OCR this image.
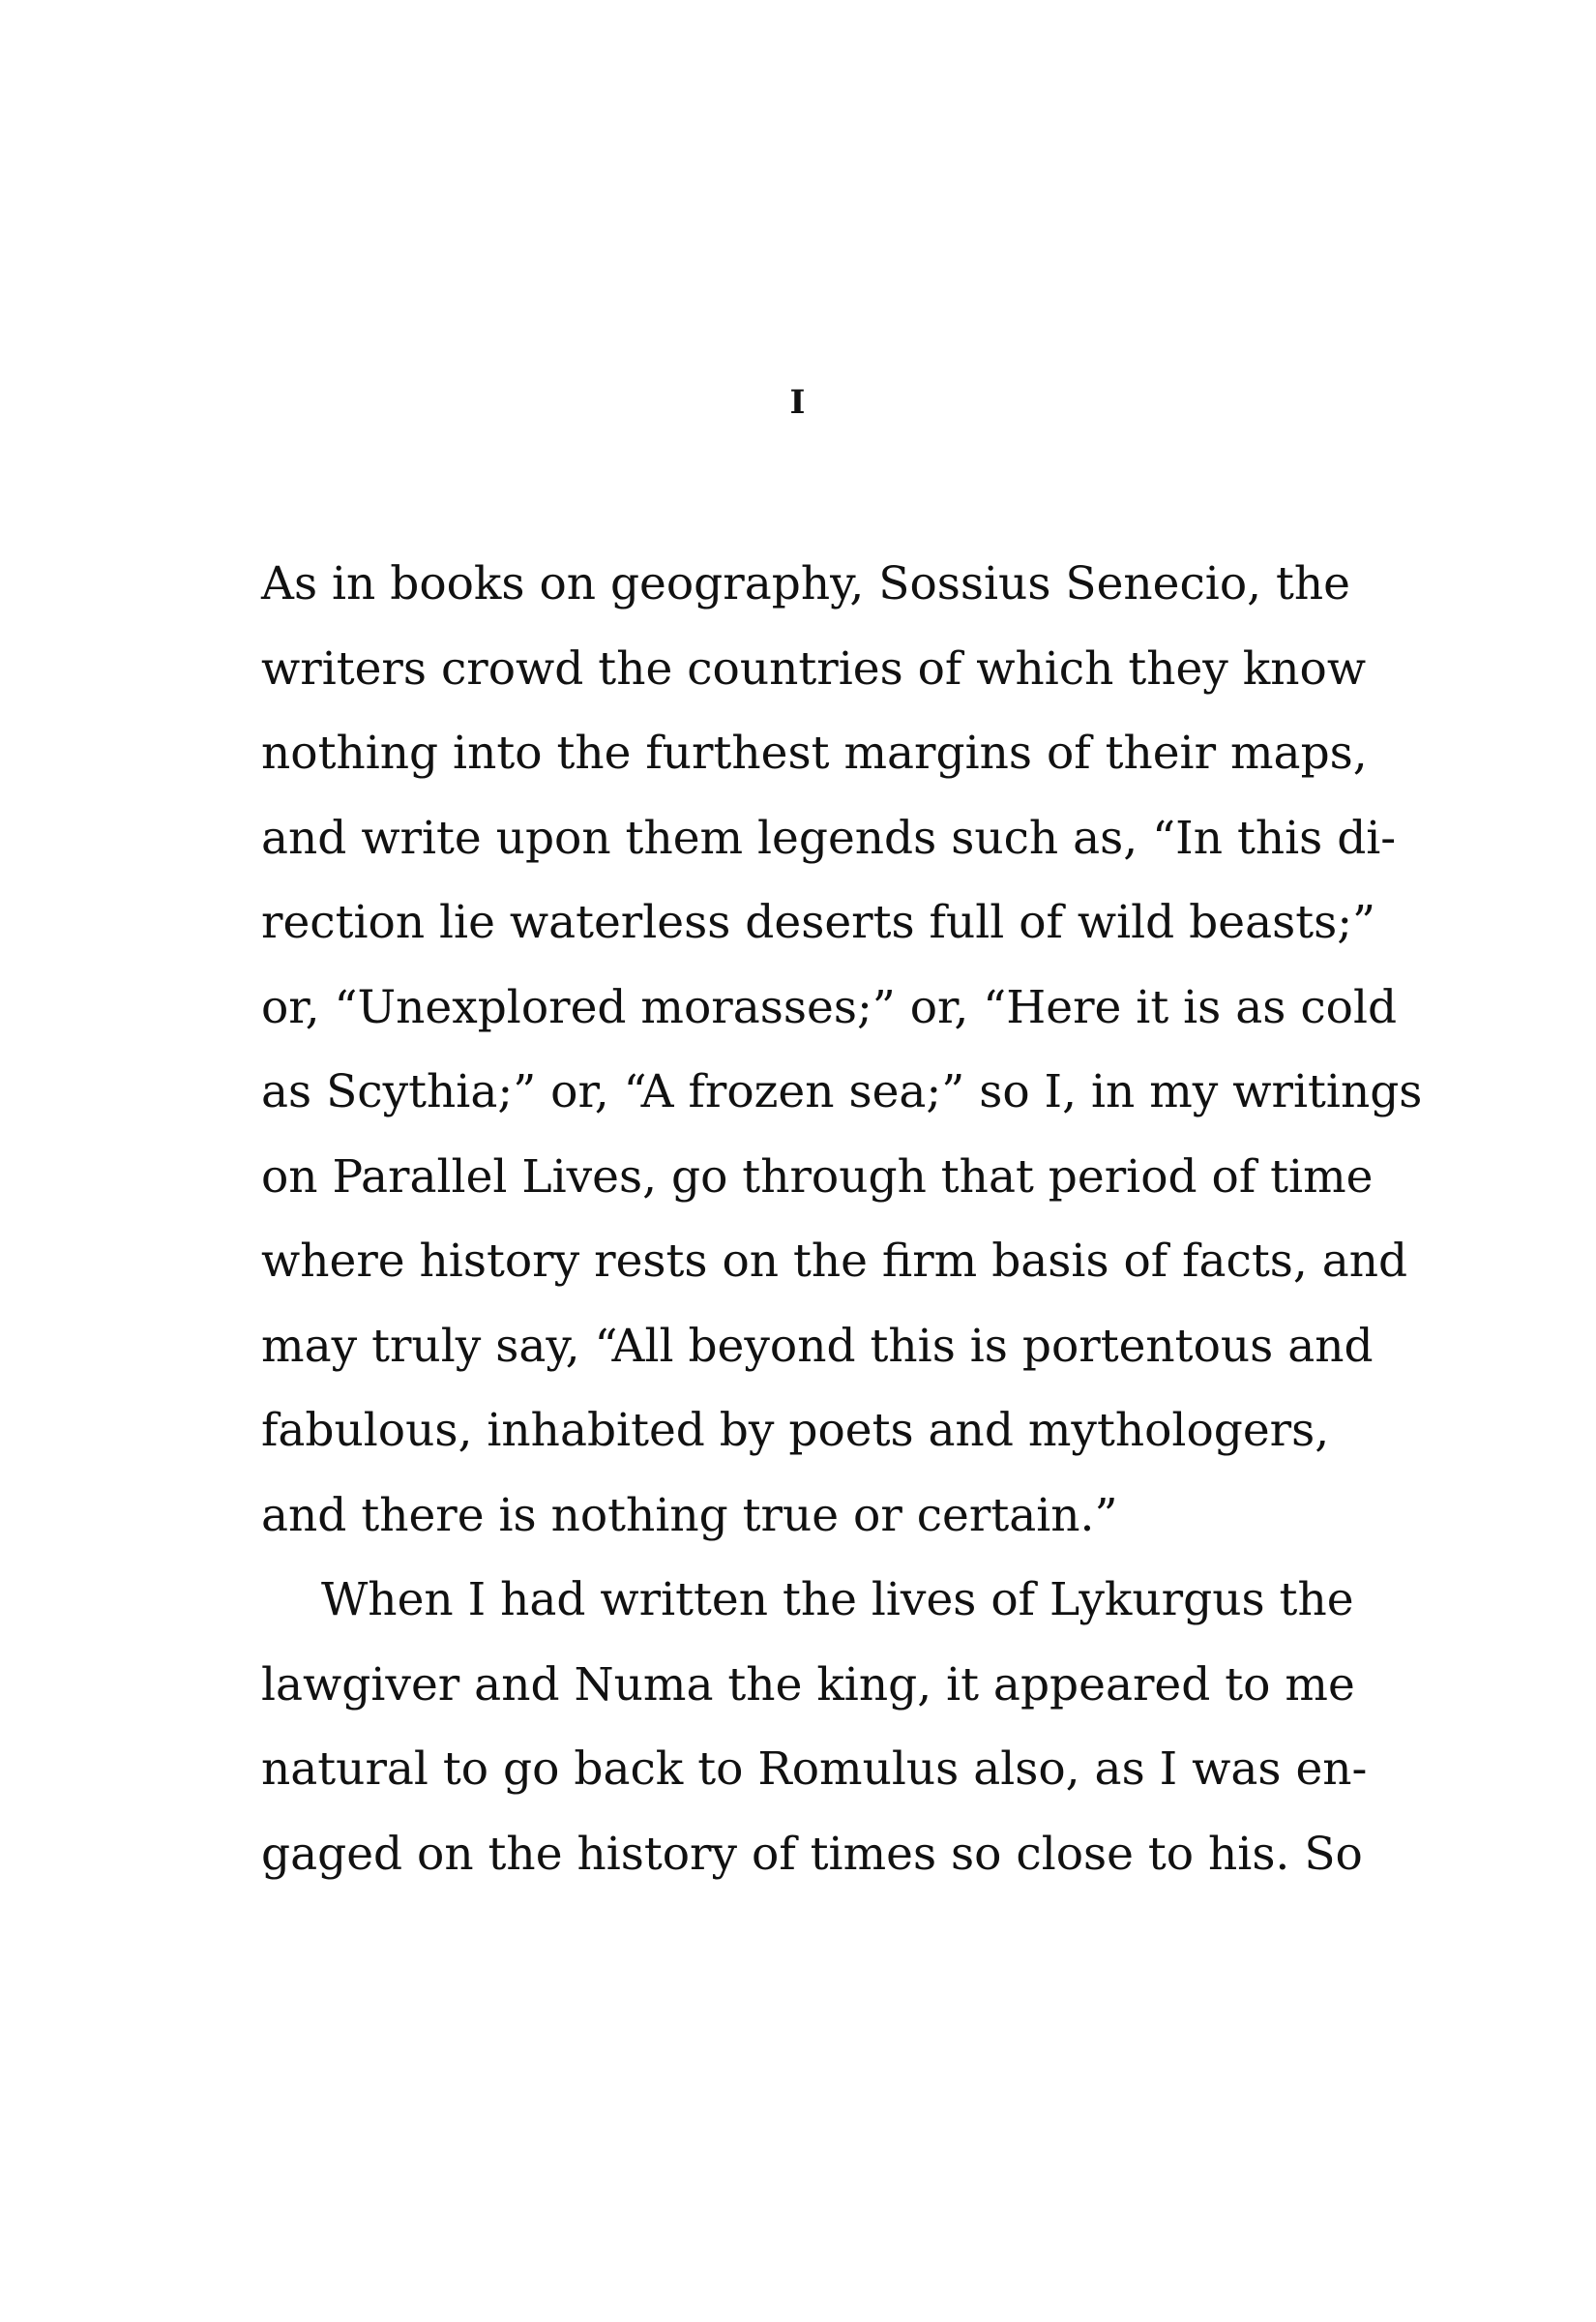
I
As in books on geography, Sossius Senecio, the
writers crowd the countries of which they know
nothing into the furthest margins of their maps,
and write upon them legends such as, “In this di-
rection lie waterless deserts full of wild beasts;”
or, “Unexplored morasses;” or, “Here it is as cold
as Scythia;” or, “A frozen sea;” so I, in my writings
on Parallel Lives, go through that period of time
where history rests on the firm basis of facts, and
may truly say, “All beyond this is portentous and
fabulous, inhabited by poets and mythologers,
and there is nothing true or certain.”
When I had written the lives of Lykurgus the
lawgiver and Numa the king, it appeared to me
natural to go back to Romulus also, as I was en-
gaged on the history of times so close to his. So
